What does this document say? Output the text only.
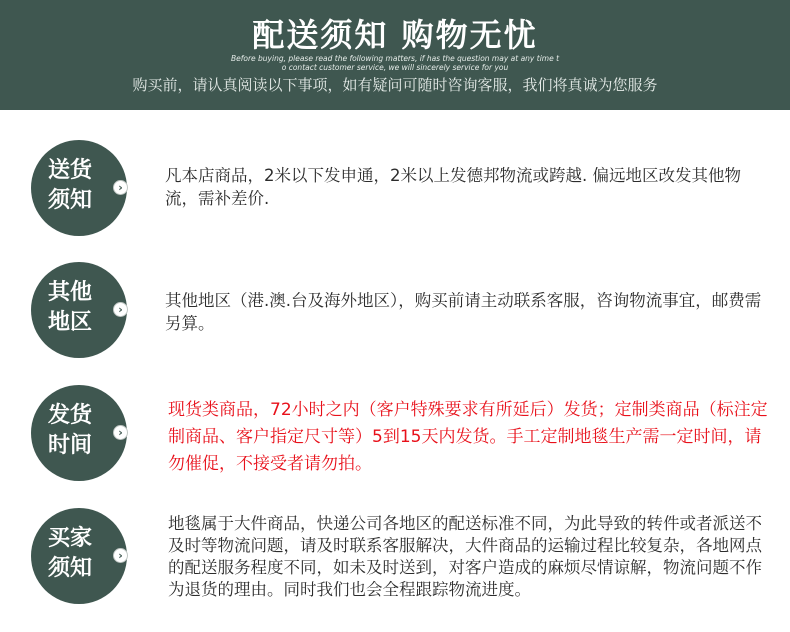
配送须知 购物无忧
Before buying, please read the following matters, if has the question may at any time t
o contact customer service, we will sincerely service for you
购买前，请认真阅读以下事项，如有疑问可随时咨询客服，我们将真诚为您服务
送货
须知
›
凡本店商品，2米以下发申通，2米以上发德邦物流或跨越. 偏远地区改发其他物流，需补差价.
其他
地区
›	其他地区（港.澳.台及海外地区），购买前请主动联系客服，咨询物流事宜，邮费需另算。
发货
时间
›
现货类商品，72小时之内（客户特殊要求有所延后）发货；定制类商品（标注定制商品、客户指定尺寸等）5到15天内发货。手工定制地毯生产需一定时间，请勿催促，不接受者请勿拍。
买家
须知
›
地毯属于大件商品，快递公司各地区的配送标准不同，为此导致的转件或者派送不及时等物流问题，请及时联系客服解决，大件商品的运输过程比较复杂，各地网点的配送服务程度不同，如未及时送到，对客户造成的麻烦尽情谅解，物流问题不作为退货的理由。同时我们也会全程跟踪物流进度。
